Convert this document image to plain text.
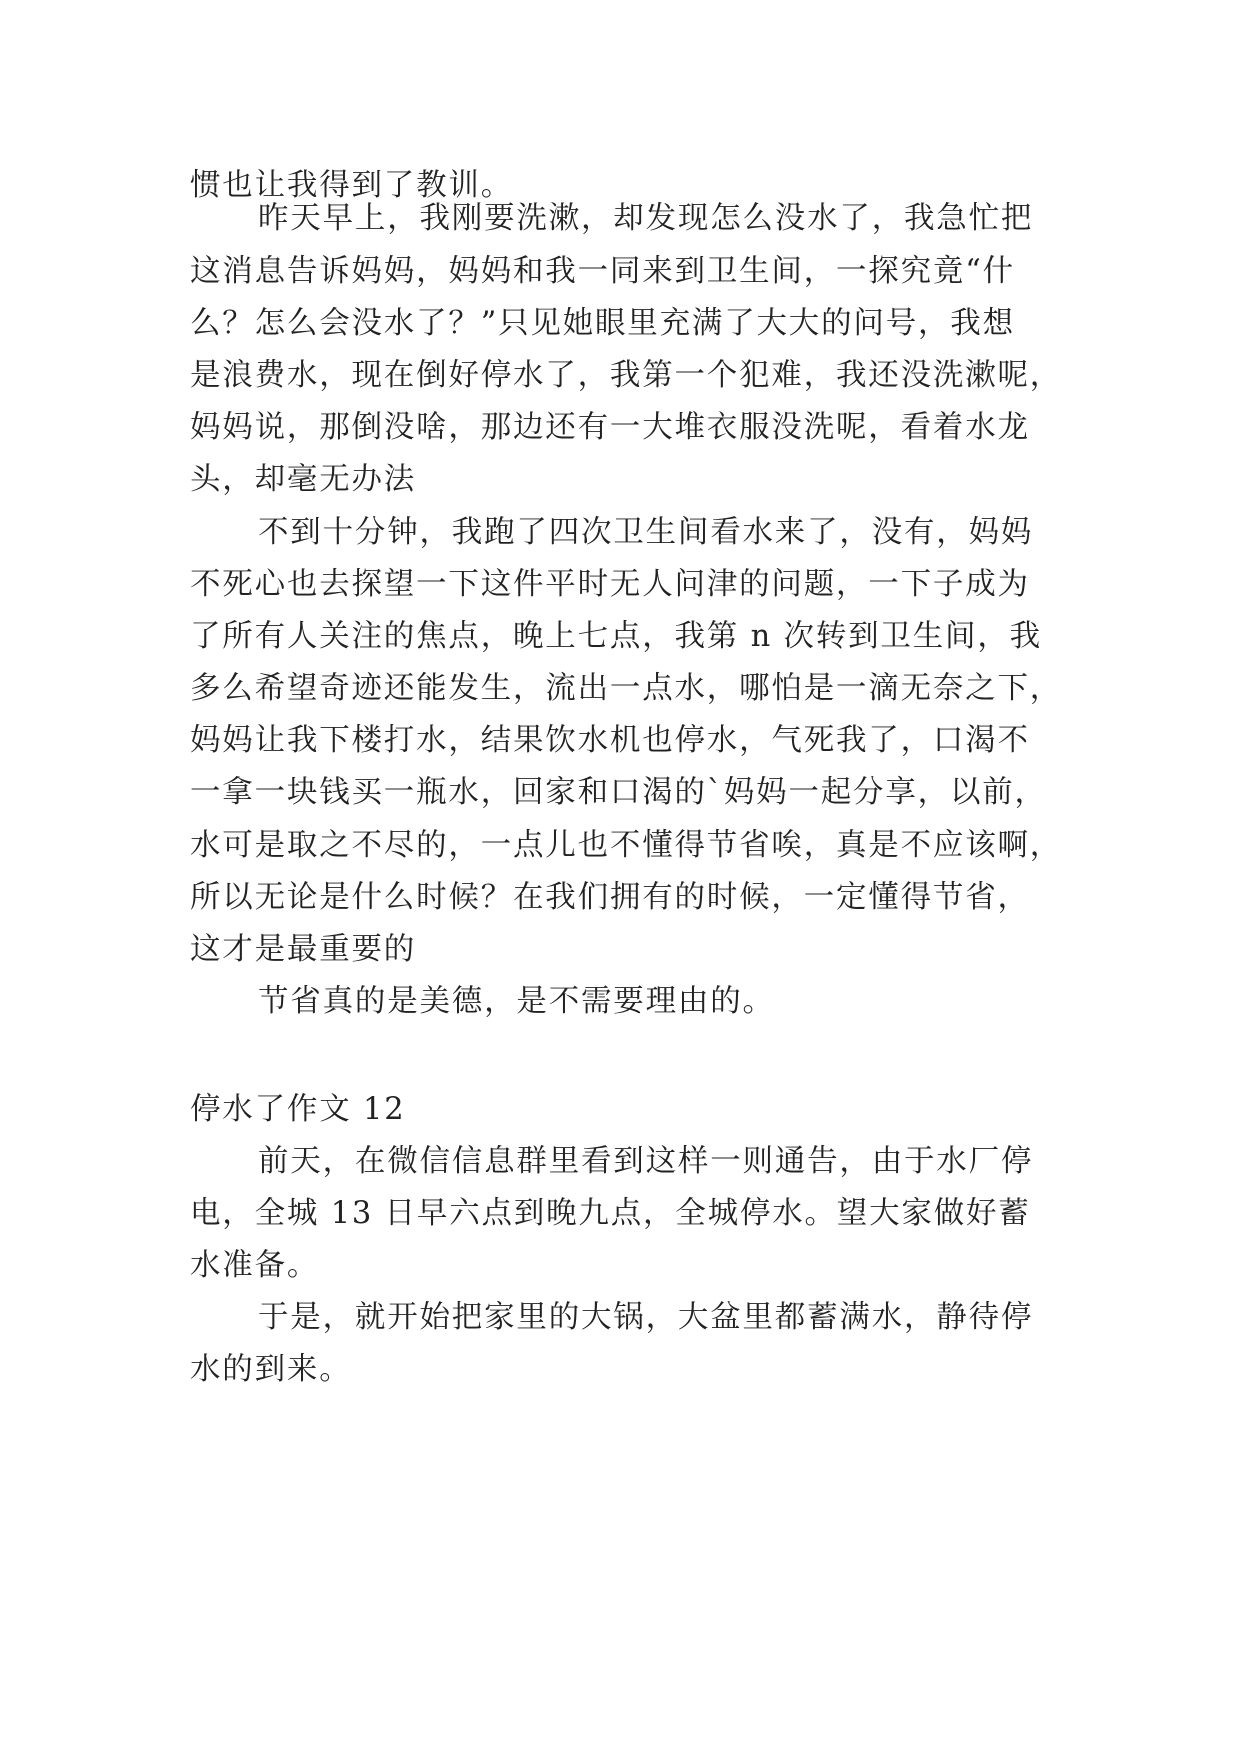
惯也让我得到了教训。
昨天早上，我刚要洗漱，却发现怎么没水了，我急忙把
这消息告诉妈妈，妈妈和我一同来到卫生间，一探究竟“什
么？怎么会没水了？”只见她眼里充满了大大的问号，我想
是浪费水，现在倒好停水了，我第一个犯难，我还没洗漱呢，
妈妈说，那倒没啥，那边还有一大堆衣服没洗呢，看着水龙
头，却毫无办法
不到十分钟，我跑了四次卫生间看水来了，没有，妈妈
不死心也去探望一下这件平时无人问津的问题，一下子成为
了所有人关注的焦点，晚上七点，我第 n 次转到卫生间，我
多么希望奇迹还能发生，流出一点水，哪怕是一滴无奈之下，
妈妈让我下楼打水，结果饮水机也停水，气死我了，口渴不
一拿一块钱买一瓶水，回家和口渴的`妈妈一起分享，以前，
水可是取之不尽的，一点儿也不懂得节省唉，真是不应该啊，
所以无论是什么时候？在我们拥有的时候，一定懂得节省，
这才是最重要的
节省真的是美德，是不需要理由的。
停水了作文 12
前天，在微信信息群里看到这样一则通告，由于水厂停
电，全城 13 日早六点到晚九点，全城停水。望大家做好蓄
水准备。
于是，就开始把家里的大锅，大盆里都蓄满水，静待停
水的到来。
